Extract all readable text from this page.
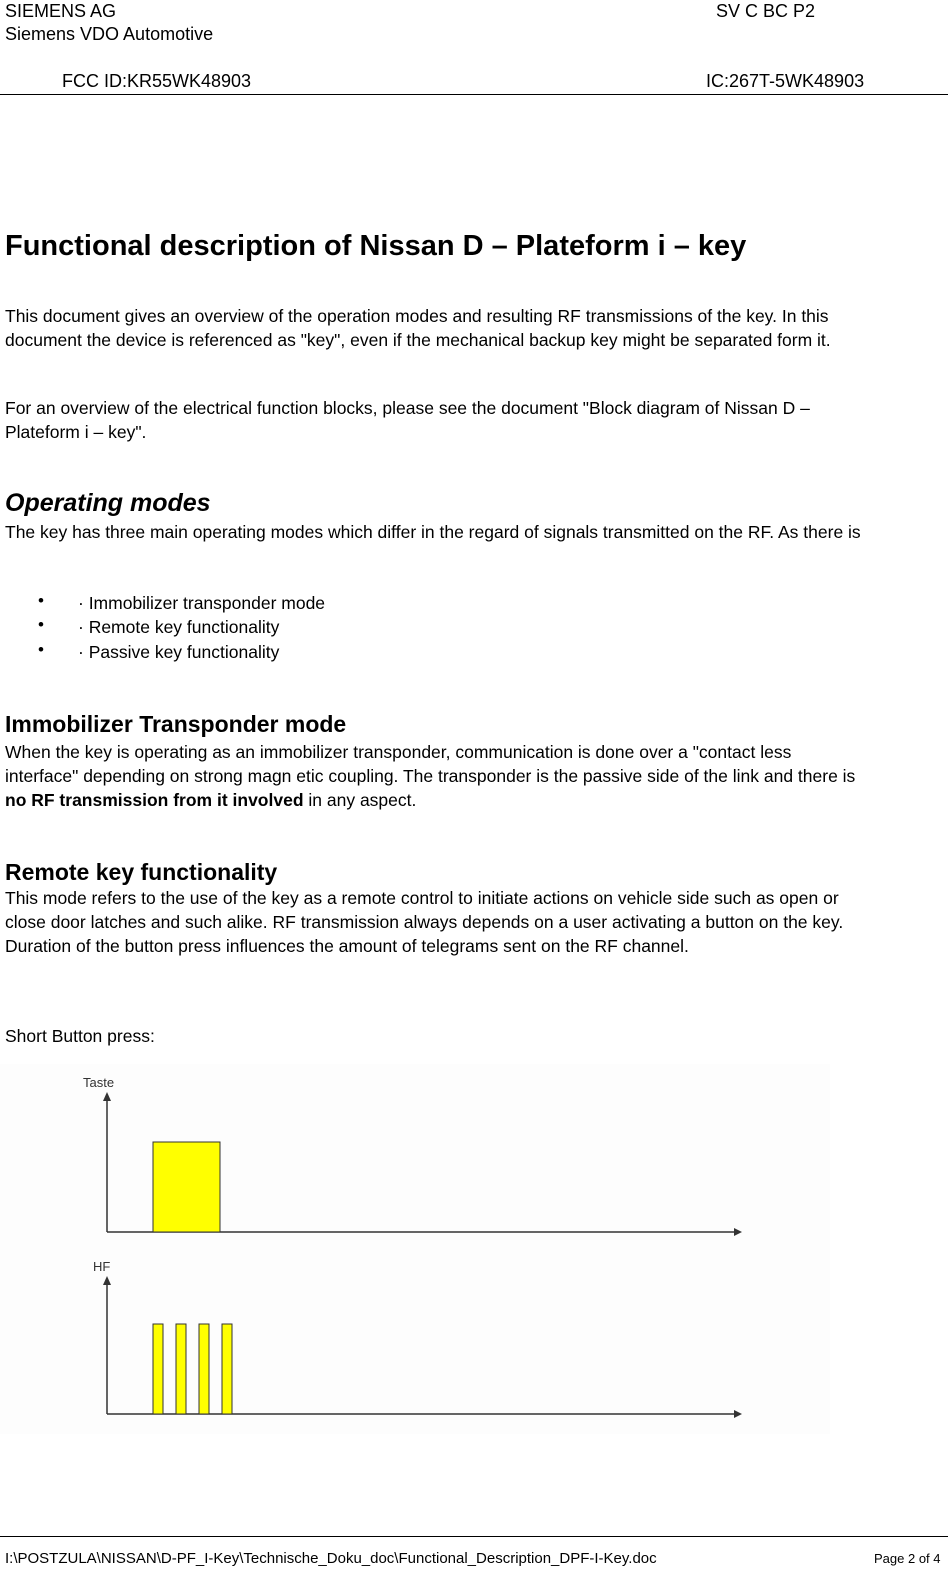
SIEMENS AG
Siemens VDO Automotive
SV C BC P2
FCC ID:KR55WK48903	IC:267T-5WK48903
Functional description of Nissan D – Plateform i – key
This document gives an overview of the operation modes and resulting RF transmissions of the key. In this document the device is referenced as "key", even if the mechanical backup key might be separated form it.
For an overview of the electrical function blocks, please see the document "Block diagram of Nissan D – Plateform i – key".
Operating modes
The key has three main operating modes which differ in the regard of signals transmitted on the RF. As there is
• · Immobilizer transponder mode
• · Remote key functionality
• · Passive key functionality
Immobilizer Transponder mode
When the key is operating as an immobilizer transponder, communication is done over a "contact less interface" depending on strong magn etic coupling. The transponder is the passive side of the link and there is no RF transmission from it involved in any aspect.
Remote key functionality
This mode refers to the use of the key as a remote control to initiate actions on vehicle side such as open or close door latches and such alike. RF transmission always depends on a user activating a button on the key. Duration of the button press influences the amount of telegrams sent on the RF channel.
Short Button press:
Taste
HF
I:\POSTZULA\NISSAN\D-PF_I-Key\Technische_Doku_doc\Functional_Description_DPF-I-Key.doc	Page 2 of 4
